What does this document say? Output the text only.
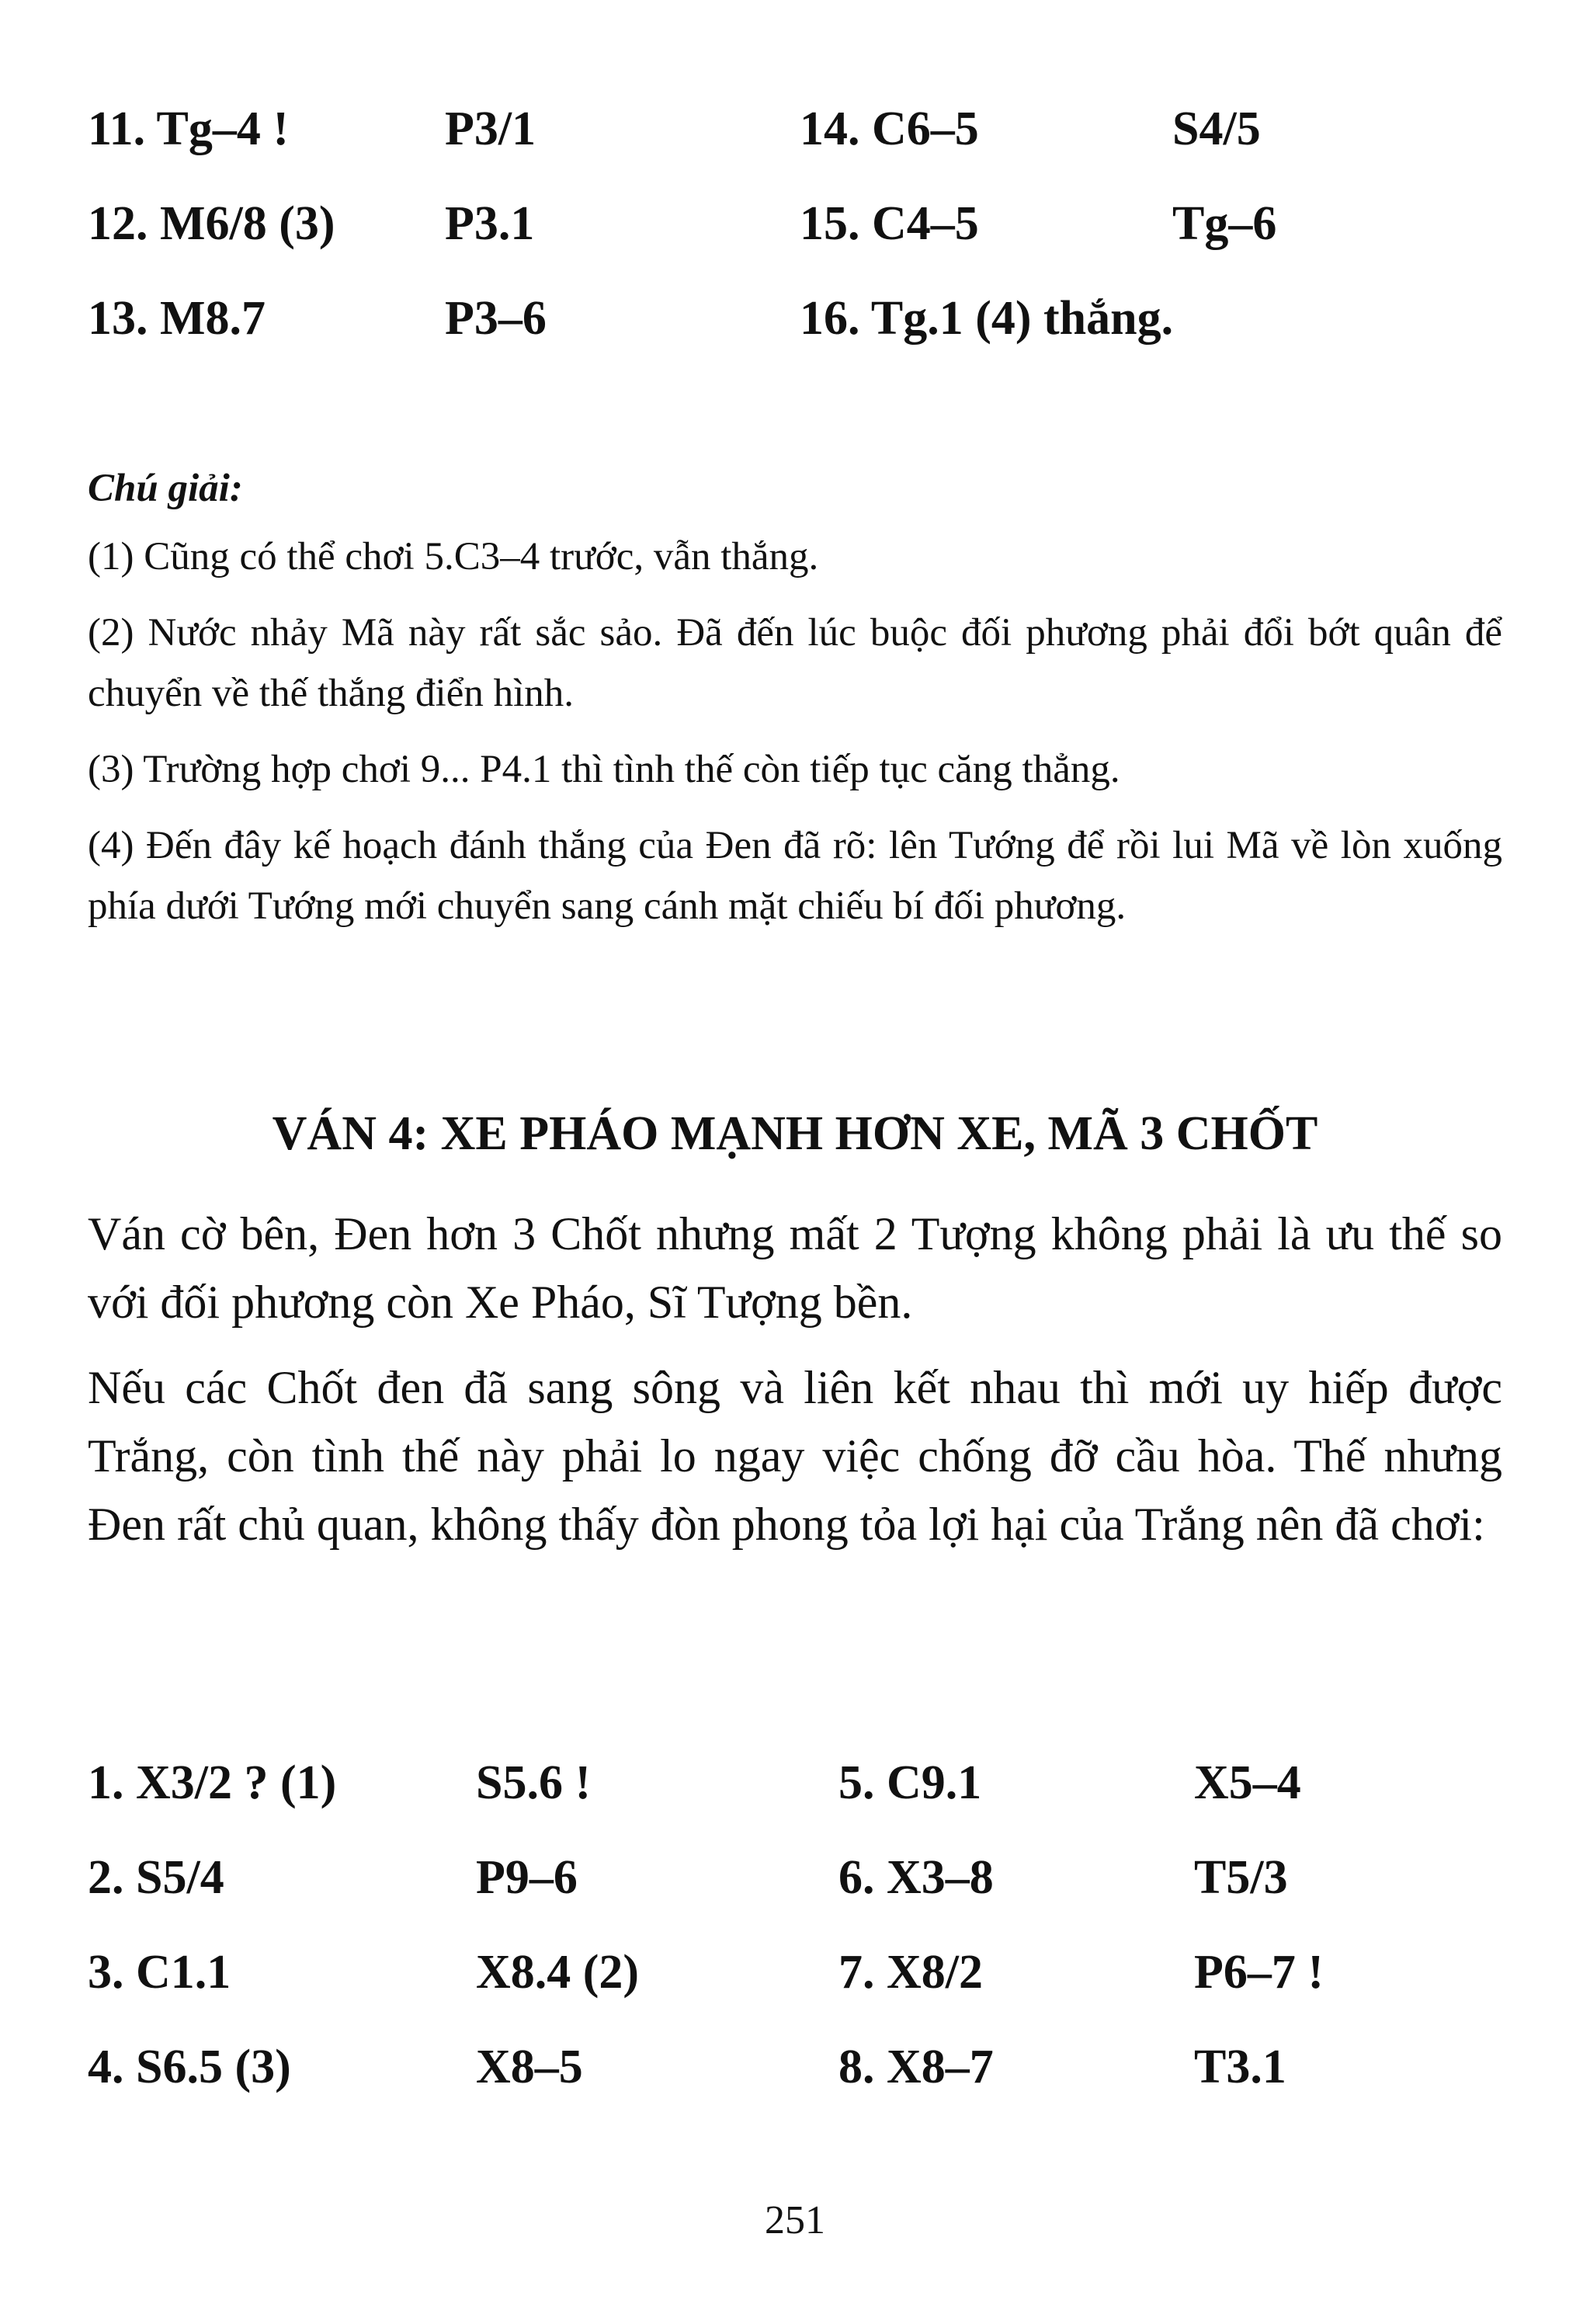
11. Tg–4 !	P3/1	14. C6–5	S4/5
12. M6/8 (3) P3.1	15. C4–5	Tg–6
13. M8.7	P3–6	16. Tg.1 (4) thắng.

Chú giải:

(1) Cũng có thể chơi 5.C3–4 trước, vẫn thắng.

(2) Nước nhảy Mã này rất sắc sảo. Đã đến lúc buộc đối phương phải đổi bớt quân để chuyển về thế thắng điển hình.

(3) Trường hợp chơi 9... P4.1 thì tình thế còn tiếp tục căng thẳng.

(4) Đến đây kế hoạch đánh thắng của Đen đã rõ: lên Tướng để rồi lui Mã về lòn xuống phía dưới Tướng mới chuyển sang cánh mặt chiếu bí đối phương.

VÁN 4: XE PHÁO MẠNH HƠN XE, MÃ 3 CHỐT

Ván cờ bên, Đen hơn 3 Chốt nhưng mất 2 Tượng không phải là ưu thế so với đối phương còn Xe Pháo, Sĩ Tượng bền.

Nếu các Chốt đen đã sang sông và liên kết nhau thì mới uy hiếp được Trắng, còn tình thế này phải lo ngay việc chống đỡ cầu hòa. Thế nhưng Đen rất chủ quan, không thấy đòn phong tỏa lợi hại của Trắng nên đã chơi:

1. X3/2 ? (1)	S5.6 !	5. C9.1	X5–4
2. S5/4	P9–6	6. X3–8	T5/3
3. C1.1	X8.4 (2)	7. X8/2	P6–7 !
4. S6.5 (3)	X8–5	8. X8–7	T3.1
251
